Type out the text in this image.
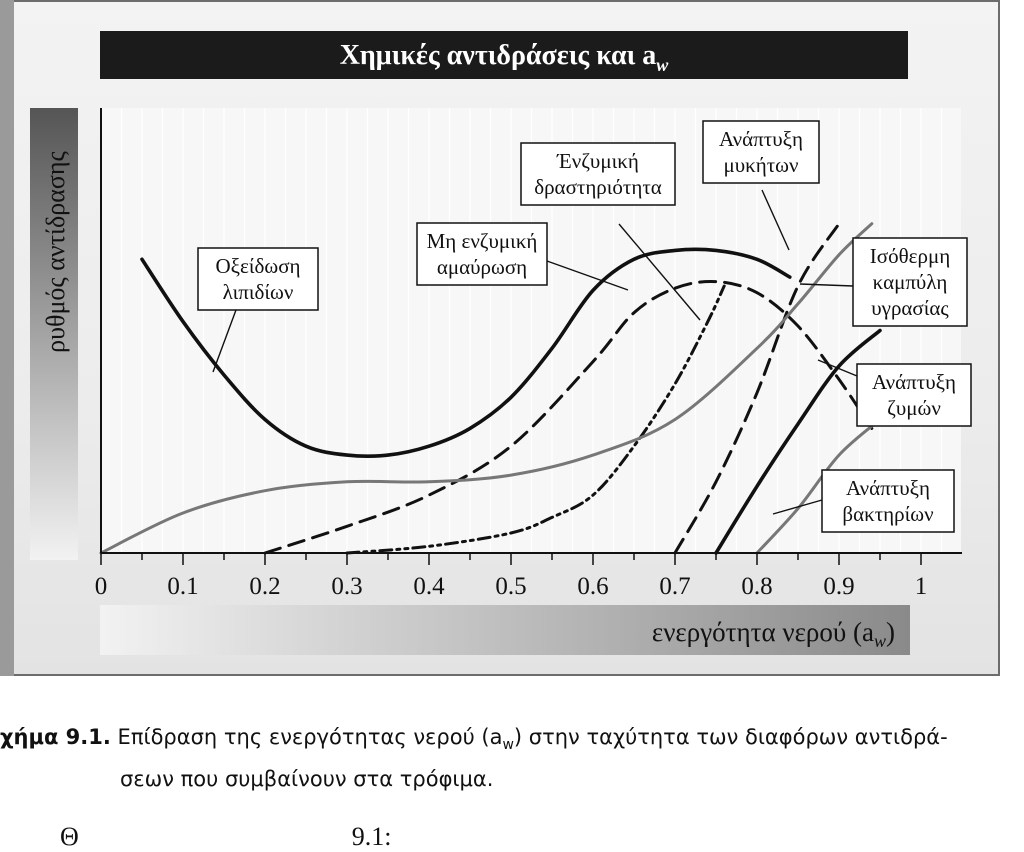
Χημικές αντιδράσεις και $a_w$
ρυθμός αντίδρασης
ενεργότητα νερού $(a_w)$
0 0.1 0.2 0.3 0.4 0.5 0.6 0.7 0.8 0.9 1
Οξείδωση
λιπιδίων
Μη ενζυμική
αμαύρωση
Ένζυμική
δραστηριότητα
Ανάπτυξη
μυκήτων
Ισόθερμη
καμπύλη
υγρασίας
Ανάπτυξη
ζυμών
Ανάπτυξη
βακτηρίων
χήμα 9.1. Επίδραση της ενεργότητας νερού $(a_w)$ στην ταχύτητα των διαφόρων αντιδρά-
σεων που συμβαίνουν στα τρόφιμα.
Θ                                          9.1:
